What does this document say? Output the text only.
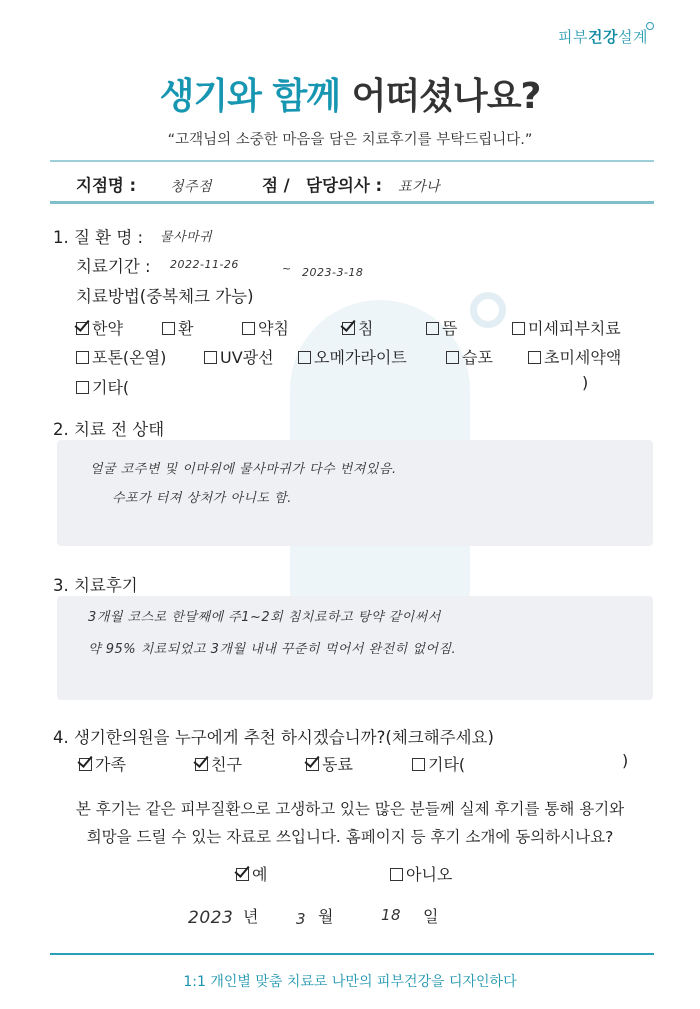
피부건강설계
생기와 함께 어떠셨나요?
“고객님의 소중한 마음을 담은 치료후기를 부탁드립니다.”
지점명 : 청주점	점 / 담당의사 : 표가나
1. 질 환 명 : 물사마귀
치료기간 : 2022-11-26	~ 2023-3-18
치료방법(중복체크 가능)
한약	환	약침	침	뜸	미세피부치료
포톤(온열)	UV광선	오메가라이트	습포	초미세약액
기타(	)
2. 치료 전 상태
얼굴 코주변 및 이마위에 물사마귀가 다수 번져있음.
수포가 터져 상처가 아니도 함.
3. 치료후기
3개월 코스로 한달째에 주1~2회 침치료하고 탕약 같이써서
약 95% 치료되었고 3개월 내내 꾸준히 먹어서 완전히 없어짐.
4. 생기한의원을 누구에게 추천 하시겠습니까?(체크해주세요)
가족	친구	동료	기타(	)
본 후기는 같은 피부질환으로 고생하고 있는 많은 분들께 실제 후기를 통해 용기와
희망을 드릴 수 있는 자료로 쓰입니다. 홈페이지 등 후기 소개에 동의하시나요?
예	아니오
2023 년	3 월	18 일
1:1 개인별 맞춤 치료로 나만의 피부건강을 디자인하다
